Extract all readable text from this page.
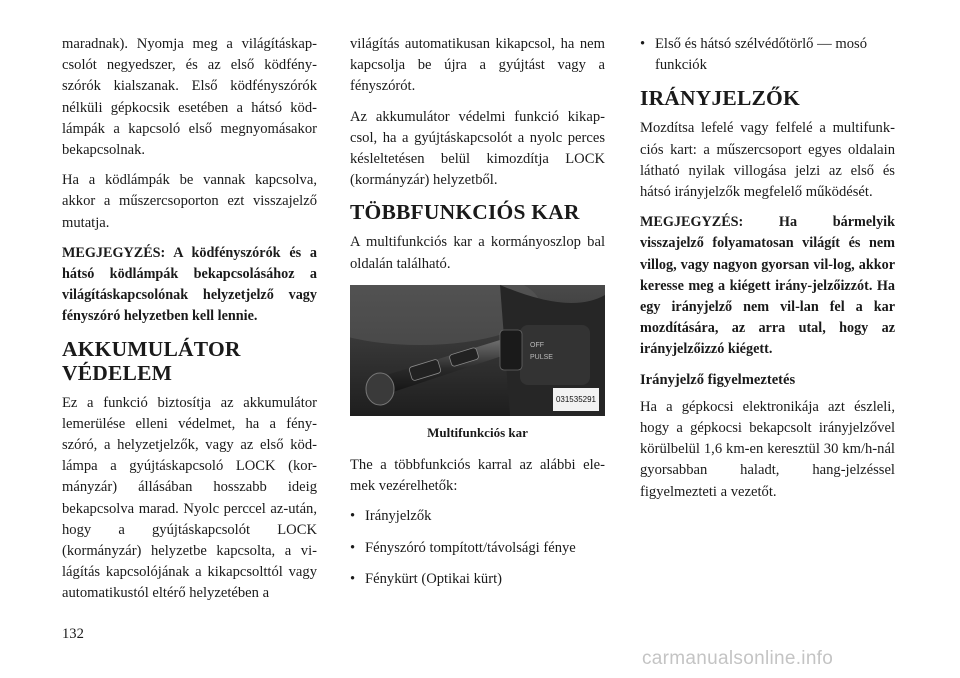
maradnak). Nyomja meg a világításkap-csolót negyedszer, és az első ködfény-szórók kialszanak. Első ködfényszórók nélküli gépkocsik esetében a hátsó köd-lámpák a kapcsoló első megnyomásakor bekapcsolnak.

Ha a ködlámpák be vannak kapcsolva, akkor a műszercsoporton ezt visszajelző mutatja.

MEGJEGYZÉS: A ködfényszórók és a hátsó ködlámpák bekapcsolásához a világításkapcsolónak helyzetjelző vagy fényszóró helyzetben kell lennie.

AKKUMULÁTOR
VÉDELEM

Ez a funkció biztosítja az akkumulátor lemerülése elleni védelmet, ha a fény-szóró, a helyzetjelzők, vagy az első köd-lámpa a gyújtáskapcsoló LOCK (kor-mányzár) állásában hosszabb ideig bekapcsolva marad. Nyolc perccel az-után, hogy a gyújtáskapcsolót LOCK (kormányzár) helyzetbe kapcsolta, a vi-lágítás kapcsolójának a kikapcsolttól vagy automatikustól eltérő helyzetében a

világítás automatikusan kikapcsol, ha nem kapcsolja be újra a gyújtást vagy a fényszórót.

Az akkumulátor védelmi funkció kikap-csol, ha a gyújtáskapcsolót a nyolc perces késleltetésen belül kimozdítja LOCK (kormányzár) helyzetből.

TÖBBFUNKCIÓS KAR

A multifunkciós kar a kormányoszlop bal oldalán található.

OFF
PULSE
031535291
Multifunkciós kar

The a többfunkciós karral az alábbi ele-mek vezérelhetők:

• Irányjelzők
• Fényszóró tompított/távolsági fénye
• Fénykürt (Optikai kürt)
• Első és hátsó szélvédőtörlő — mosó funkciók
IRÁNYJELZŐK

Mozdítsa lefelé vagy felfelé a multifunk-ciós kart: a műszercsoport egyes oldalain látható nyilak villogása jelzi az első és hátsó irányjelzők megfelelő működését.

MEGJEGYZÉS: Ha bármelyik visszajelző folyamatosan világít és nem villog, vagy nagyon gyorsan vil-log, akkor keresse meg a kiégett irány-jelzőizzót. Ha egy irányjelző nem vil-lan fel a kar mozdítására, az arra utal, hogy az irányjelzőizzó kiégett.

Irányjelző figyelmeztetés

Ha a gépkocsi elektronikája azt észleli, hogy a gépkocsi bekapcsolt irányjelzővel körülbelül 1,6 km-en keresztül 30 km/h-nál gyorsabban haladt, hang-jelzéssel figyelmezteti a vezetőt.

132
carmanualsonline.info
